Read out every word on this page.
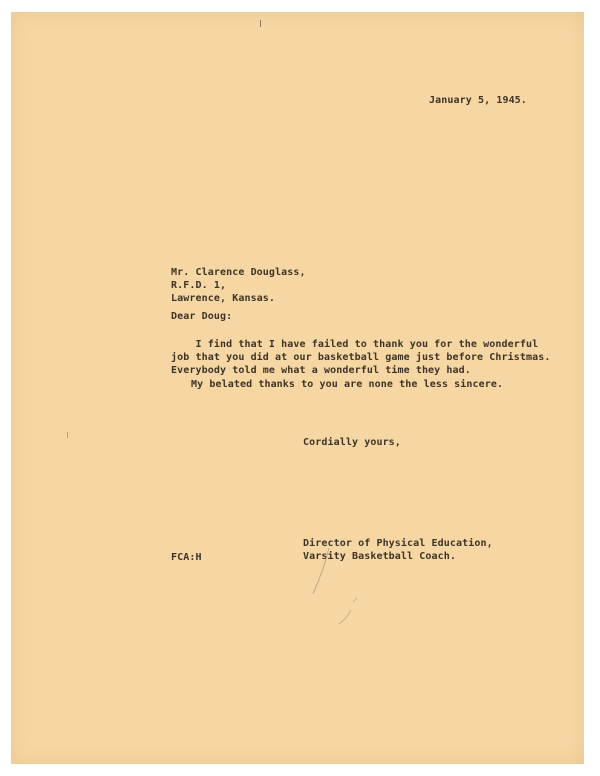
January 5, 1945.
Mr. Clarence Douglass,
R.F.D. 1,
Lawrence, Kansas.
Dear Doug:
I find that I have failed to thank you for the wonderful
job that you did at our basketball game just before Christmas.
Everybody told me what a wonderful time they had.
My belated thanks to you are none the less sincere.
Cordially yours,
Director of Physical Education,
Varsity Basketball Coach.
FCA:H
